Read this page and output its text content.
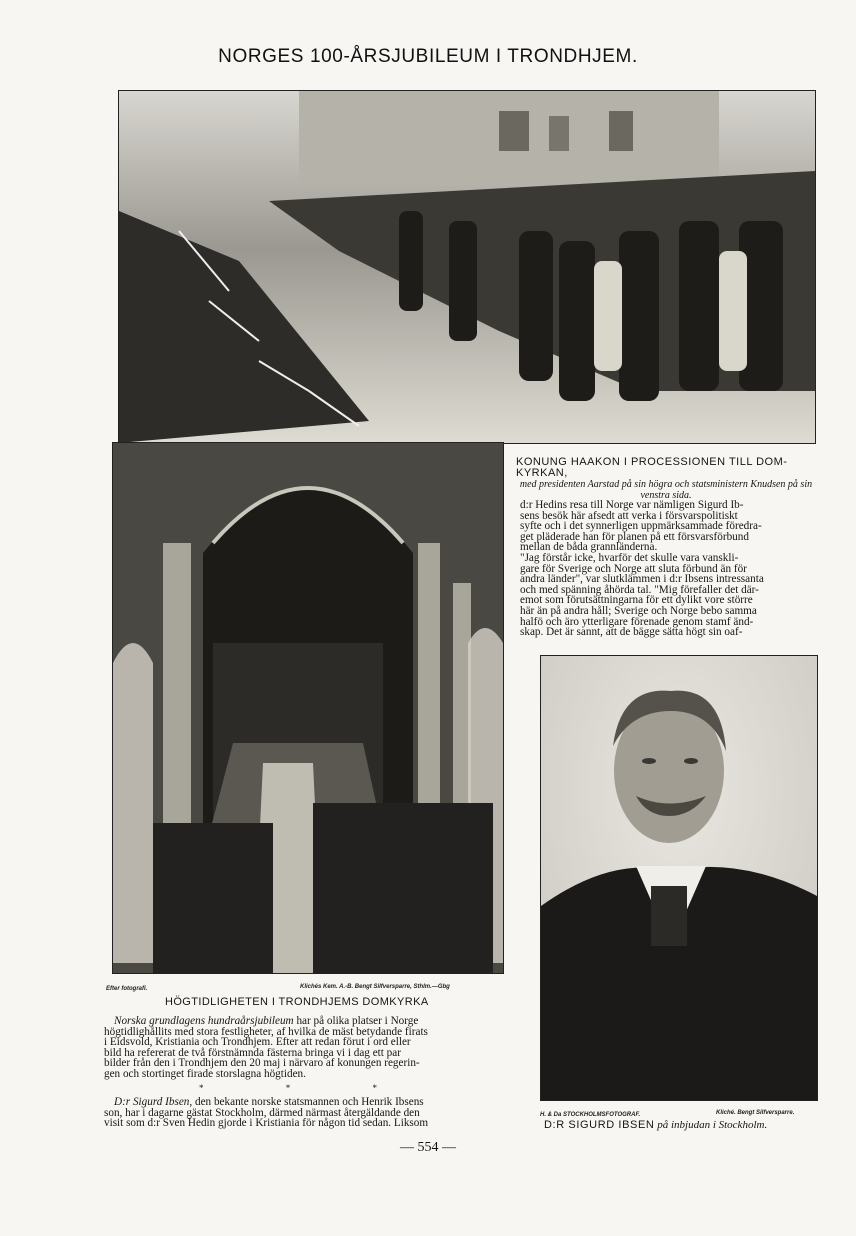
NORGES 100-ÅRSJUBILEUM I TRONDHJEM.
KONUNG HAAKON I PROCESSIONEN TILL DOM-KYRKAN,
med presidenten Aarstad på sin högra och statsministern Knudsen på sin venstra sida.
d:r Hedins resa till Norge var nämligen Sigurd Ib-
sens besök här afsedt att verka i försvarspolitiskt
syfte och i det synnerligen uppmärksammade föredra-
get pläderade han för planen på ett försvarsförbund
mellan de båda grannländerna.
"Jag förstår icke, hvarför det skulle vara vanskli-
gare för Sverige och Norge att sluta förbund än för
andra länder", var slutklämmen i d:r Ibsens intressanta
och med spänning åhörda tal. "Mig förefaller det där-
emot som förutsättningarna för ett dylikt vore större
här än på andra håll; Sverige och Norge bebo samma
halfö och äro ytterligare förenade genom stamf änd-
skap. Det är sannt, att de bägge sätta högt sin oaf-
Efter fotografi.	Klichés Kem. A.-B. Bengt Silfversparre, Sthlm.—Gbg
HÖGTIDLIGHETEN I TRONDHJEMS DOMKYRKA
Norska grundlagens hundraårsjubileum har på olika platser i Norge
högtidlighållits med stora festligheter, af hvilka de mäst betydande firats
i Eidsvold, Kristiania och Trondhjem. Efter att redan förut i ord eller
bild ha refererat de två förstnämnda fästerna bringa vi i dag ett par
bilder från den i Trondhjem den 20 maj i närvaro af konungen regerin-
gen och stortinget firade storslagna högtiden.
* * *
D:r Sigurd Ibsen, den bekante norske statsmannen och Henrik Ibsens
son, har i dagarne gästat Stockholm, därmed närmast återgäldande den
visit som d:r Sven Hedin gjorde i Kristiania för någon tid sedan. Liksom
H. & Da STOCKHOLMSFOTOGRAF.	Kliché. Bengt Silfversparre.
D:R SIGURD IBSEN på inbjudan i Stockholm.
— 554 —
